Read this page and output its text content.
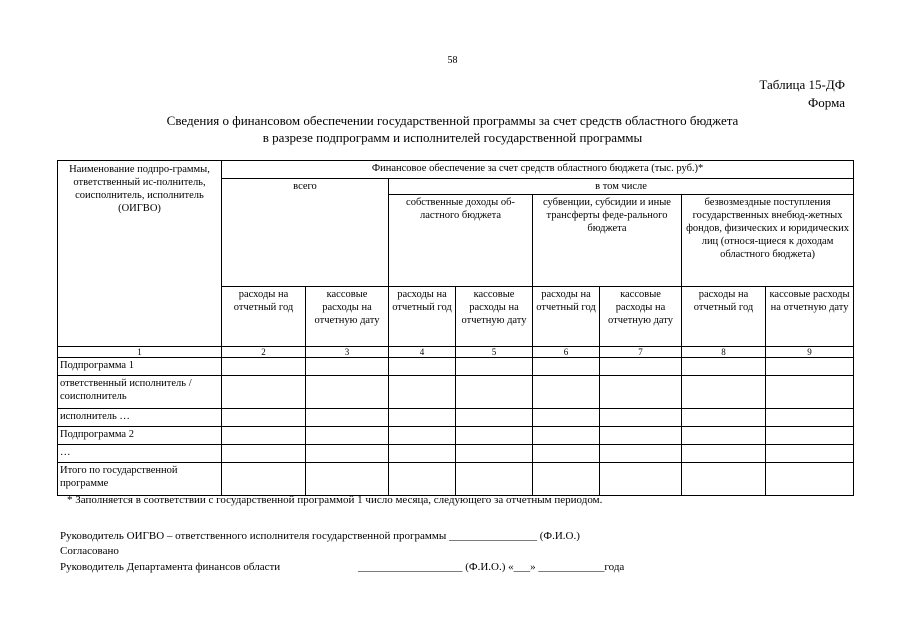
58
Таблица 15-ДФ
Форма
Сведения о финансовом обеспечении государственной программы за счет средств областного бюджета
в разрезе подпрограмм и исполнителей государственной программы
Наименование подпро-граммы, ответственный ис-полнитель, соисполнитель, исполнитель (ОИГВО)	Финансовое обеспечение за счет средств областного бюджета (тыс. руб.)*							
	всего		в том числе					
			собственные доходы об-ластного бюджета		субвенции, субсидии и иные трансферты феде-рального бюджета		безвозмездные поступления государственных внебюд-жетных фондов, физических и юридических лиц (относя-щиеся к доходам областного бюджета)	
	расходы на отчетный год	кассовые расходы на отчетную дату	расходы на отчетный год	кассовые расходы на отчетную дату	расходы на отчетный год	кассовые расходы на отчетную дату	расходы на отчетный год	кассовые расходы на отчетную дату
1	2	3	4	5	6	7	8	9
Подпрограмма 1								
ответственный исполнитель /соисполнитель								
исполнитель …								
Подпрограмма 2								
…								
Итого по государственной программе								
* Заполняется в соответствии с государственной программой 1 число месяца, следующего за отчетным периодом.
Руководитель ОИГВО – ответственного исполнителя государственной программы ________________ (Ф.И.О.)
Согласовано
Руководитель Департамента финансов области	___________________ (Ф.И.О.) «___» ____________года
